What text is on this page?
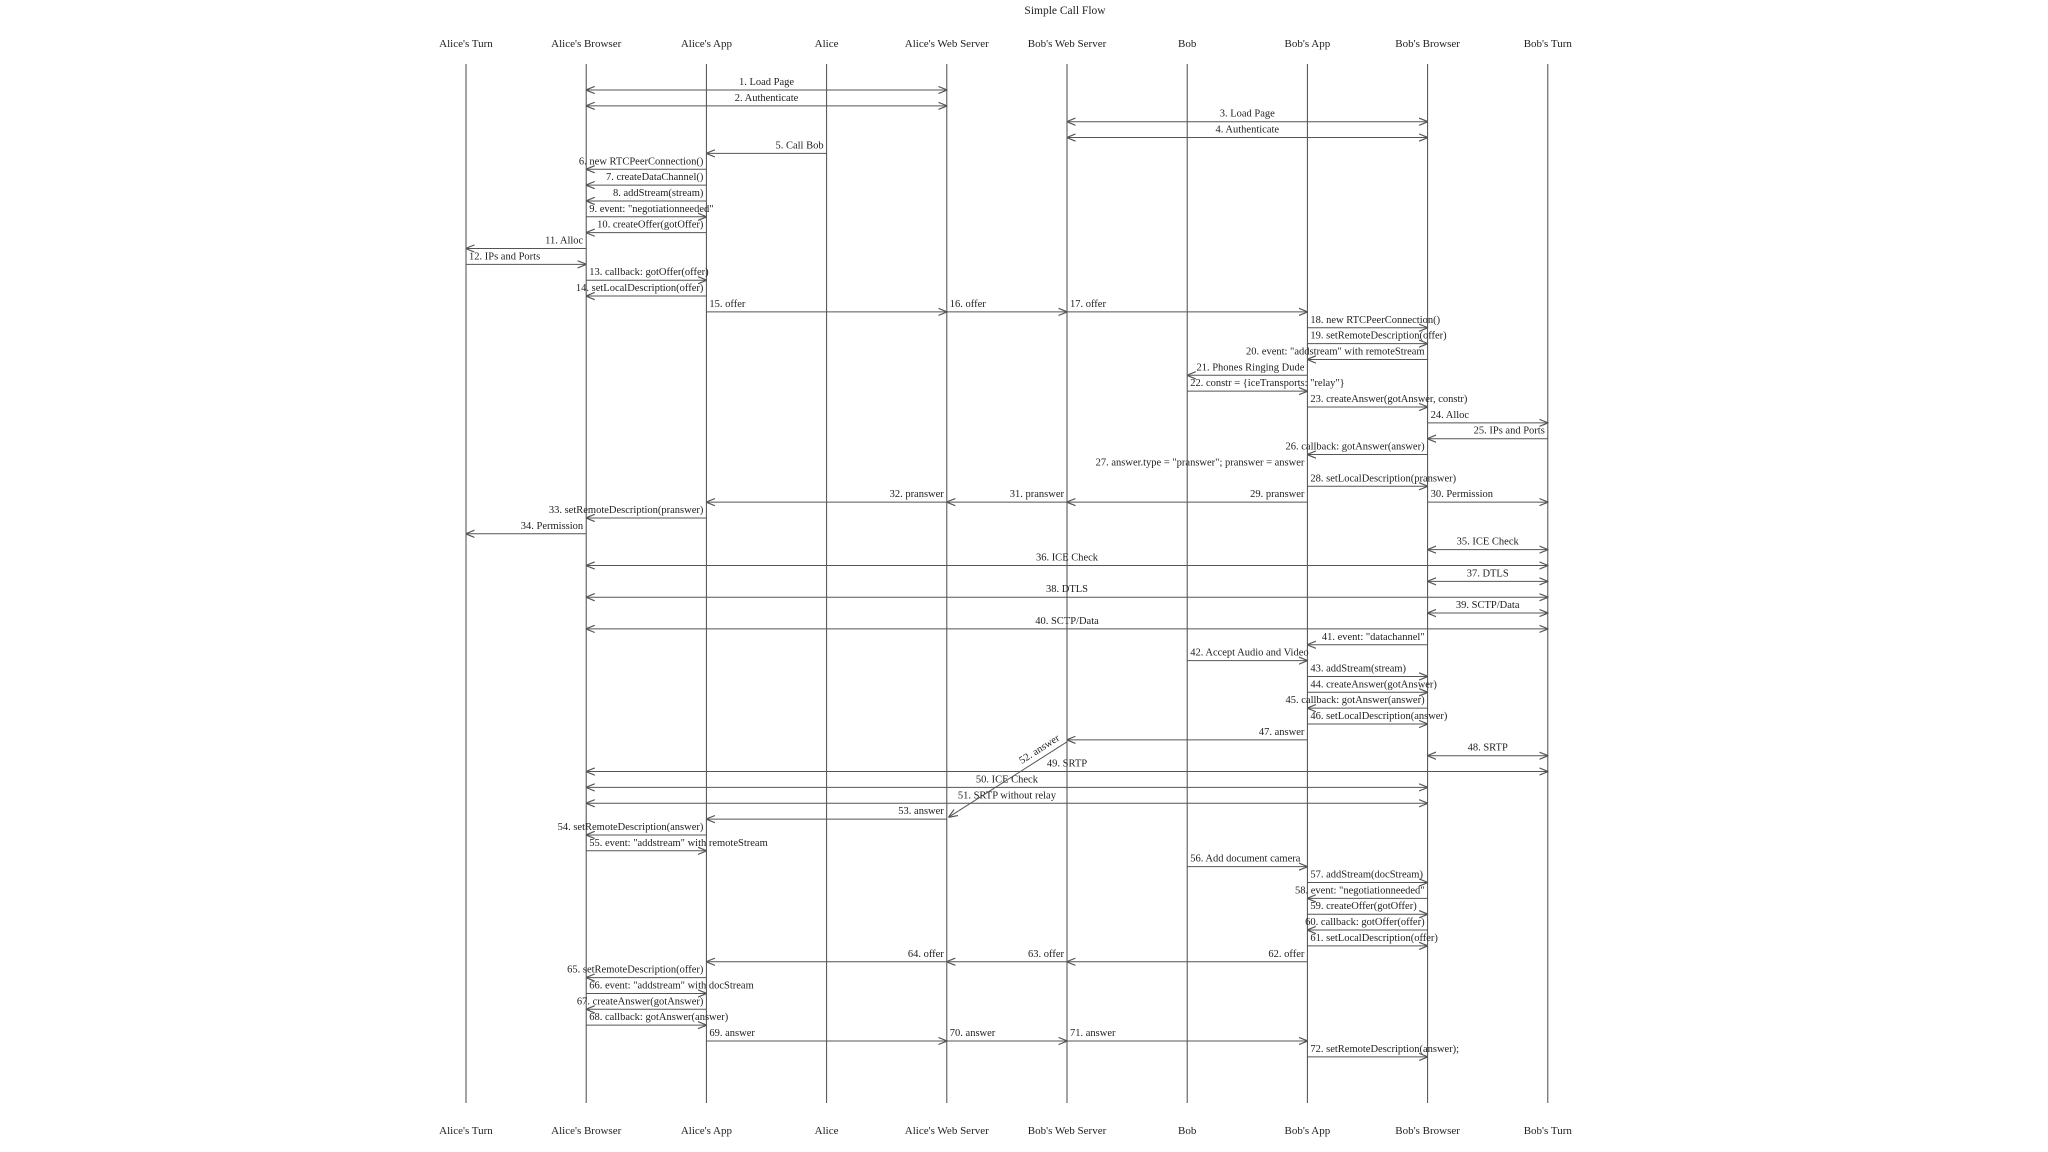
Simple Call Flow
Alice's Turn
Alice's Turn
Alice's Browser
Alice's Browser
Alice's App
Alice's App
Alice
Alice
Alice's Web Server
Alice's Web Server
Bob's Web Server
Bob's Web Server
Bob
Bob
Bob's App
Bob's App
Bob's Browser
Bob's Browser
Bob's Turn
Bob's Turn
1. Load Page
2. Authenticate
3. Load Page
4. Authenticate
5. Call Bob
6. new RTCPeerConnection()
7. createDataChannel()
8. addStream(stream)
9. event: "negotiationneeded"
10. createOffer(gotOffer)
11. Alloc
12. IPs and Ports
13. callback: gotOffer(offer)
14. setLocalDescription(offer)
15. offer	16. offer	17. offer
18. new RTCPeerConnection()
19. setRemoteDescription(offer)
20. event: "addstream" with remoteStream
21. Phones Ringing Dude
22. constr = {iceTransports: "relay"}
23. createAnswer(gotAnswer, constr)
24. Alloc
25. IPs and Ports
26. callback: gotAnswer(answer)
27. answer.type = "pranswer"; pranswer = answer
28. setLocalDescription(pranswer)
32. pranswer	31. pranswer	29. pranswer	30. Permission
33. setRemoteDescription(pranswer)
34. Permission
35. ICE Check
36. ICE Check
37. DTLS
38. DTLS
39. SCTP/Data
40. SCTP/Data
41. event: "datachannel"
42. Accept Audio and Video
43. addStream(stream)
44. createAnswer(gotAnswer)
45. callback: gotAnswer(answer)
46. setLocalDescription(answer)
47. answer
48. SRTP
49. SRTP
50. ICE Check
51. SRTP without relay
53. answer
54. setRemoteDescription(answer)
55. event: "addstream" with remoteStream
56. Add document camera
57. addStream(docStream)
58. event: "negotiationneeded"
59. createOffer(gotOffer)
60. callback: gotOffer(offer)
61. setLocalDescription(offer)
64. offer	63. offer	62. offer
65. setRemoteDescription(offer)
66. event: "addstream" with docStream
67. createAnswer(gotAnswer)
68. callback: gotAnswer(answer)
69. answer	70. answer	71. answer
72. setRemoteDescription(answer);
52. answer
